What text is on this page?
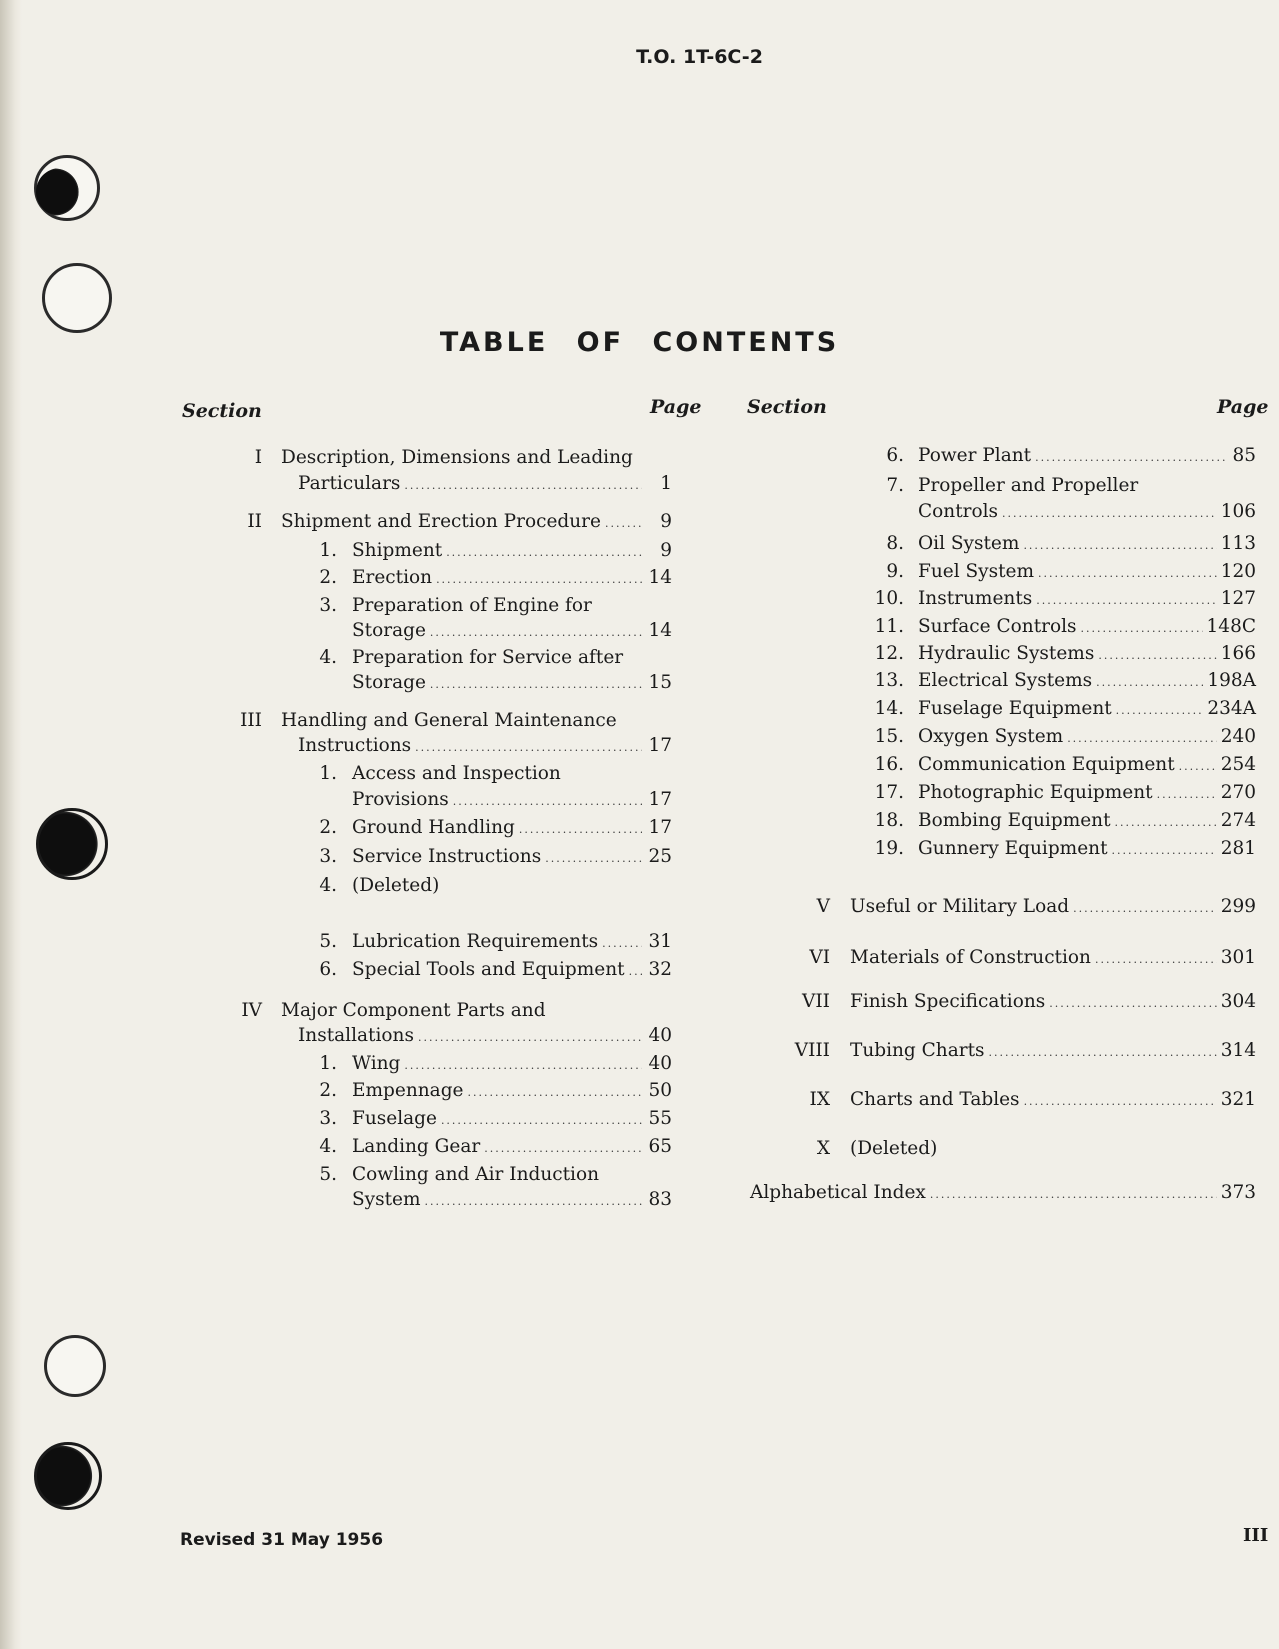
T.O. 1T-6C-2
TABLE OF CONTENTS
Section	Page Section	Page
I Description, Dimensions and Leading
Particulars .....	1
II Shipment and Erection Procedure .....	9
1. Shipment .....	9
2. Erection .....	14
3. Preparation of Engine for
Storage .....	14
4. Preparation for Service after
Storage .....	15
III Handling and General Maintenance
Instructions .....	17
1. Access and Inspection
Provisions .....	17
2. Ground Handling .....	17
3. Service Instructions .....	25
4. (Deleted)
5. Lubrication Requirements .....	31
6. Special Tools and Equipment ..... 32
IV Major Component Parts and
Installations .....	40
1. Wing .....	40
2. Empennage .....	50
3. Fuselage .....	55
4. Landing Gear .....	65
5. Cowling and Air Induction
System .....	83
6. Power Plant .....	85
7. Propeller and Propeller
Controls .....	106
8. Oil System .....	113
9. Fuel System .....	120
10. Instruments .....	127
11. Surface Controls .....	148C
12. Hydraulic Systems .....	166
13. Electrical Systems .....	198A
14. Fuselage Equipment .....	234A
15. Oxygen System .....	240
16. Communication Equipment ..... 254
17. Photographic Equipment .....	270
18. Bombing Equipment .....	274
19. Gunnery Equipment .....	281
V Useful or Military Load .....	299
VI Materials of Construction .....	301
VII Finish Specifications .....	304
VIII Tubing Charts .....	314
IX Charts and Tables .....	321
X (Deleted)
Alphabetical Index .....	373
Revised 31 May 1956	III
